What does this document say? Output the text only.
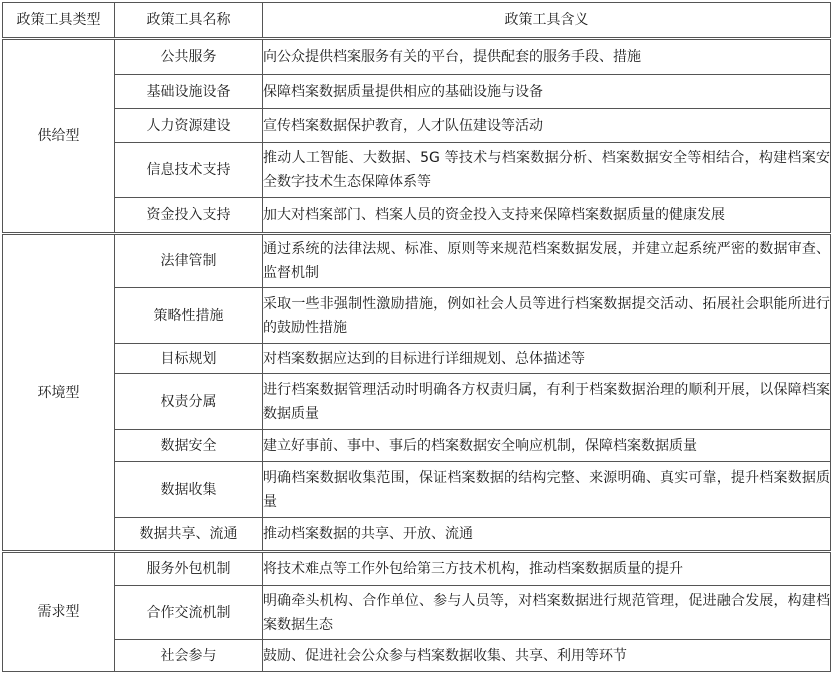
政策工具类型	政策工具名称	政策工具含义
供给型	公共服务	向公众提供档案服务有关的平台，提供配套的服务手段、措施
	基础设施设备	保障档案数据质量提供相应的基础设施与设备
	人力资源建设	宣传档案数据保护教育，人才队伍建设等活动
	信息技术支持	推动人工智能、大数据、5G 等技术与档案数据分析、档案数据安全等相结合，构建档案安全数字技术生态保障体系等
	资金投入支持	加大对档案部门、档案人员的资金投入支持来保障档案数据质量的健康发展
环境型	法律管制	通过系统的法律法规、标准、原则等来规范档案数据发展，并建立起系统严密的数据审查、监督机制
	策略性措施	采取一些非强制性激励措施，例如社会人员等进行档案数据提交活动、拓展社会职能所进行的鼓励性措施
	目标规划	对档案数据应达到的目标进行详细规划、总体描述等
	权责分属	进行档案数据管理活动时明确各方权责归属，有利于档案数据治理的顺利开展，以保障档案数据质量
	数据安全	建立好事前、事中、事后的档案数据安全响应机制，保障档案数据质量
	数据收集	明确档案数据收集范围，保证档案数据的结构完整、来源明确、真实可靠，提升档案数据质量
	数据共享、流通	推动档案数据的共享、开放、流通
需求型	服务外包机制	将技术难点等工作外包给第三方技术机构，推动档案数据质量的提升
	合作交流机制	明确牵头机构、合作单位、参与人员等，对档案数据进行规范管理，促进融合发展，构建档案数据生态
	社会参与	鼓励、促进社会公众参与档案数据收集、共享、利用等环节
